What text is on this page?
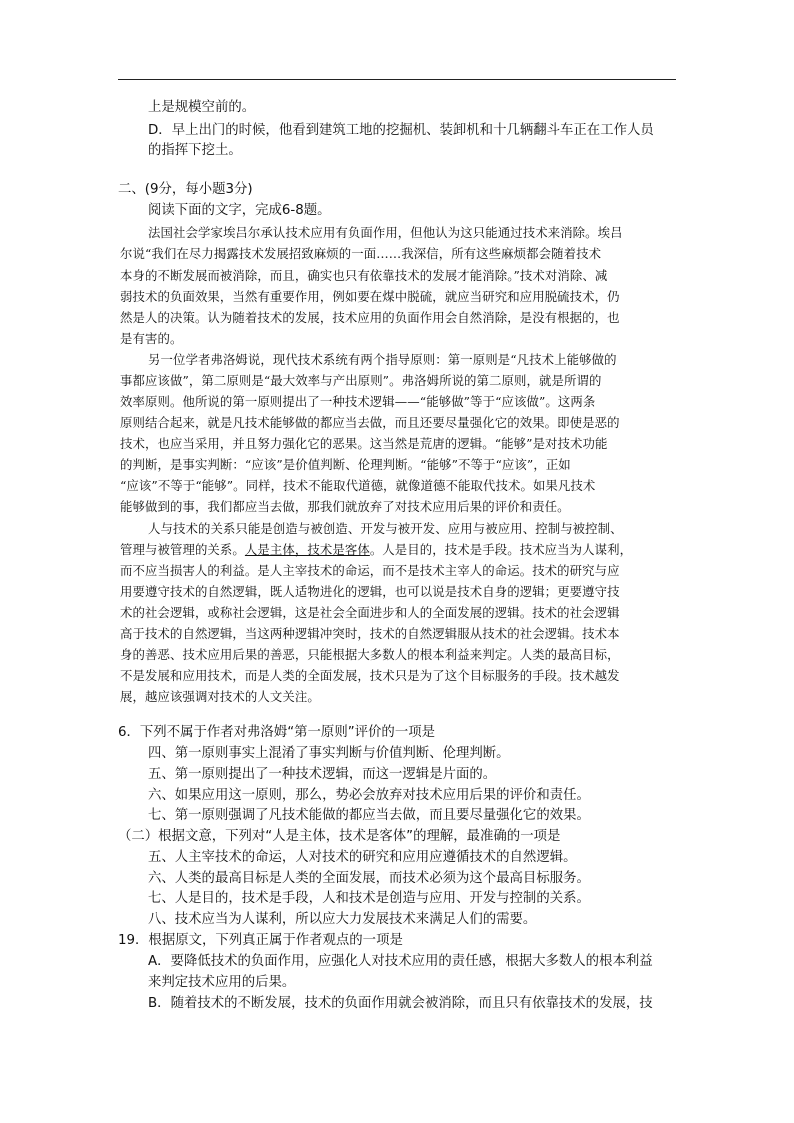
上是规模空前的。
D．早上出门的时候，他看到建筑工地的挖掘机、装卸机和十几辆翻斗车正在工作人员
的指挥下挖土。
二、(9分，每小题3分)
阅读下面的文字，完成6-8题。
法国社会学家埃吕尔承认技术应用有负面作用，但他认为这只能通过技术来消除。埃吕
尔说“我们在尽力揭露技术发展招致麻烦的一面……我深信，所有这些麻烦都会随着技术
本身的不断发展而被消除，而且，确实也只有依靠技术的发展才能消除。”技术对消除、减
弱技术的负面效果，当然有重要作用，例如要在煤中脱硫，就应当研究和应用脱硫技术，仍
然是人的决策。认为随着技术的发展，技术应用的负面作用会自然消除，是没有根据的，也
是有害的。
另一位学者弗洛姆说，现代技术系统有两个指导原则：第一原则是“凡技术上能够做的
事都应该做”，第二原则是“最大效率与产出原则”。弗洛姆所说的第二原则，就是所谓的
效率原则。他所说的第一原则提出了一种技术逻辑——“能够做”等于“应该做”。这两条
原则结合起来，就是凡技术能够做的都应当去做，而且还要尽量强化它的效果。即使是恶的
技术，也应当采用，并且努力强化它的恶果。这当然是荒唐的逻辑。“能够”是对技术功能
的判断，是事实判断：“应该”是价值判断、伦理判断。“能够”不等于“应该”，正如
“应该”不等于“能够”。同样，技术不能取代道德，就像道德不能取代技术。如果凡技术
能够做到的事，我们都应当去做，那我们就放弃了对技术应用后果的评价和责任。
人与技术的关系只能是创造与被创造、开发与被开发、应用与被应用、控制与被控制、
管理与被管理的关系。人是主体，技术是客体。人是目的，技术是手段。技术应当为人谋利，
而不应当损害人的利益。是人主宰技术的命运，而不是技术主宰人的命运。技术的研究与应
用要遵守技术的自然逻辑，既人适物进化的逻辑，也可以说是技术自身的逻辑；更要遵守技
术的社会逻辑，或称社会逻辑，这是社会全面进步和人的全面发展的逻辑。技术的社会逻辑
高于技术的自然逻辑，当这两种逻辑冲突时，技术的自然逻辑服从技术的社会逻辑。技术本
身的善恶、技术应用后果的善恶，只能根据大多数人的根本利益来判定。人类的最高目标，
不是发展和应用技术，而是人类的全面发展，技术只是为了这个目标服务的手段。技术越发
展，越应该强调对技术的人文关注。
6．下列不属于作者对弗洛姆“第一原则”评价的一项是
四、第一原则事实上混淆了事实判断与价值判断、伦理判断。
五、第一原则提出了一种技术逻辑，而这一逻辑是片面的。
六、如果应用这一原则，那么，势必会放弃对技术应用后果的评价和责任。
七、第一原则强调了凡技术能做的都应当去做，而且要尽量强化它的效果。
（二）根据文意，下列对“人是主体，技术是客体”的理解，最准确的一项是
五、人主宰技术的命运，人对技术的研究和应用应遵循技术的自然逻辑。
六、人类的最高目标是人类的全面发展，而技术必须为这个最高目标服务。
七、人是目的，技术是手段，人和技术是创造与应用、开发与控制的关系。
八、技术应当为人谋利，所以应大力发展技术来满足人们的需要。
19．根据原文，下列真正属于作者观点的一项是
A．要降低技术的负面作用，应强化人对技术应用的责任感，根据大多数人的根本利益
来判定技术应用的后果。
B．随着技术的不断发展，技术的负面作用就会被消除，而且只有依靠技术的发展，技
